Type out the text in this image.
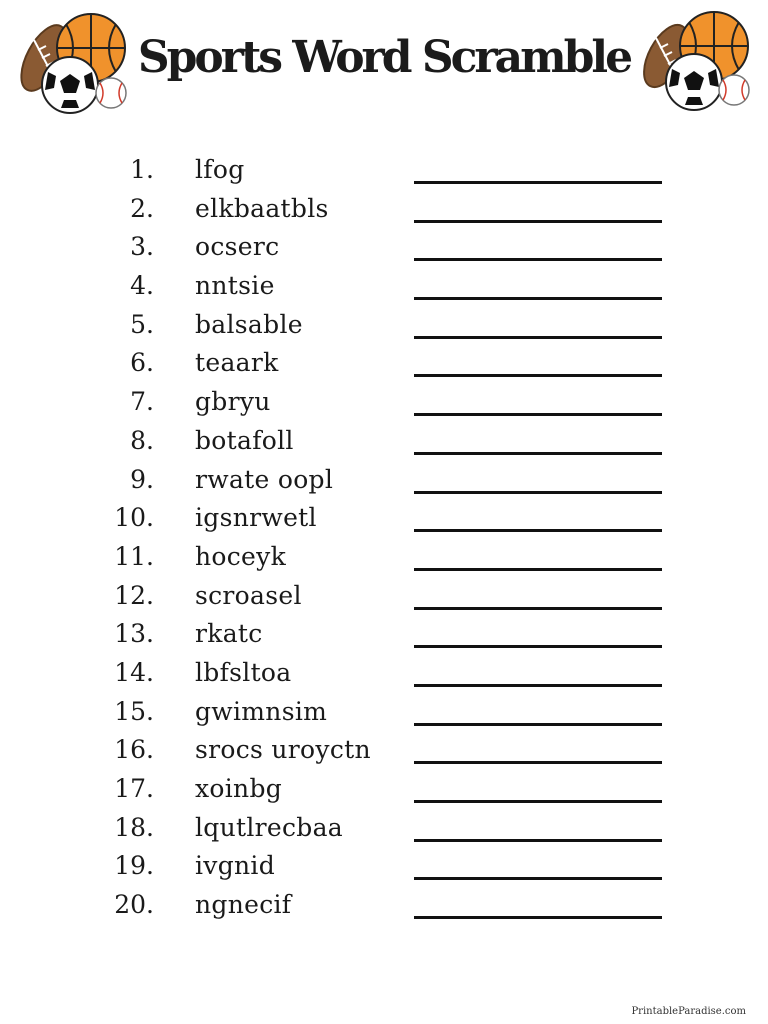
Sports Word Scramble
1. lfog
2. elkbaatbls
3. ocserc
4. nntsie
5. balsable
6. teaark
7. gbryu
8. botafoll
9. rwate oopl
10. igsnrwetl
11. hoceyk
12. scroasel
13. rkatc
14. lbfsltoa
15. gwimnsim
16. srocs uroyctn
17. xoinbg
18. lqutlrecbaa
19. ivgnid
20. ngnecif
PrintableParadise.com
